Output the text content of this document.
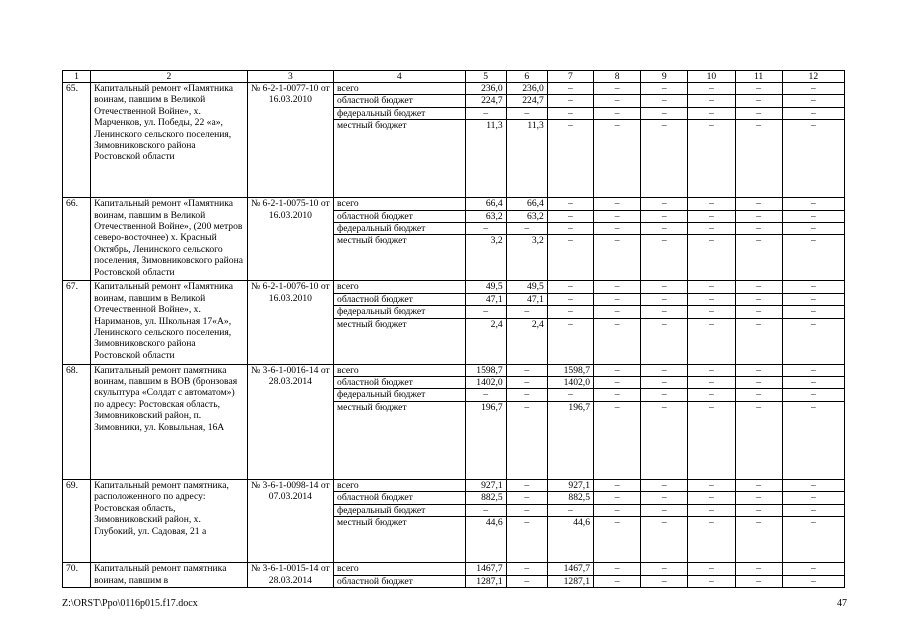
1	2	3	4	5	6	7	8	9	10	11	12
65.	Капитальный ремонт «Памятника воинам, павшим в Великой Отечественной Войне», х. Марченков, ул. Победы, 22 «а», Ленинского сельского поселения, Зимовниковского района Ростовской области	№ 6-2-1-0077-10 от 16.03.2010	всего	236,0	236,0	–	–	–	–	–	–
			областной бюджет	224,7	224,7	–	–	–	–	–	–
			федеральный бюджет	–	–	–	–	–	–	–	–
			местный бюджет	11,3	11,3	–	–	–	–	–	–
66.	Капитальный ремонт «Памятника воинам, павшим в Великой Отечественной Войне», (200 метров северо-восточнее) х. Красный Октябрь, Ленинского сельского поселения, Зимовниковского района Ростовской области	№ 6-2-1-0075-10 от 16.03.2010	всего	66,4	66,4	–	–	–	–	–	–
			областной бюджет	63,2	63,2	–	–	–	–	–	–
			федеральный бюджет	–	–	–	–	–	–	–	–
			местный бюджет	3,2	3,2	–	–	–	–	–	–
67.	Капитальный ремонт «Памятника воинам, павшим в Великой Отечественной Войне», х. Нариманов, ул. Школьная 17«А», Ленинского сельского поселения, Зимовниковского района Ростовской области	№ 6-2-1-0076-10 от 16.03.2010	всего	49,5	49,5	–	–	–	–	–	–
			областной бюджет	47,1	47,1	–	–	–	–	–	–
			федеральный бюджет	–	–	–	–	–	–	–	–
			местный бюджет	2,4	2,4	–	–	–	–	–	–
68.	Капитальный ремонт памятника воинам, павшим в ВОВ (бронзовая скульптура «Солдат с автоматом») по адресу: Ростовская область, Зимовниковский район, п. Зимовники, ул. Ковыльная, 16А	№ 3-6-1-0016-14 от 28.03.2014	всего	1598,7	–	1598,7	–	–	–	–	–
			областной бюджет	1402,0	–	1402,0	–	–	–	–	–
			федеральный бюджет	–	–	–	–	–	–	–	–
			местный бюджет	196,7	–	196,7	–	–	–	–	–
69.	Капитальный ремонт памятника, расположенного по адресу: Ростовская область, Зимовниковский район, х. Глубокий, ул. Садовая, 21 а	№ 3-6-1-0098-14 от 07.03.2014	всего	927,1	–	927,1	–	–	–	–	–
			областной бюджет	882,5	–	882,5	–	–	–	–	–
			федеральный бюджет	–	–	–	–	–	–	–	–
			местный бюджет	44,6	–	44,6	–	–	–	–	–
70.	Капитальный ремонт памятника воинам, павшим в	№ 3-6-1-0015-14 от 28.03.2014	всего	1467,7	–	1467,7	–	–	–	–	–
			областной бюджет	1287,1	–	1287,1	–	–	–	–	–
Z:\ORST\Ppo\0116p015.f17.docx	47
